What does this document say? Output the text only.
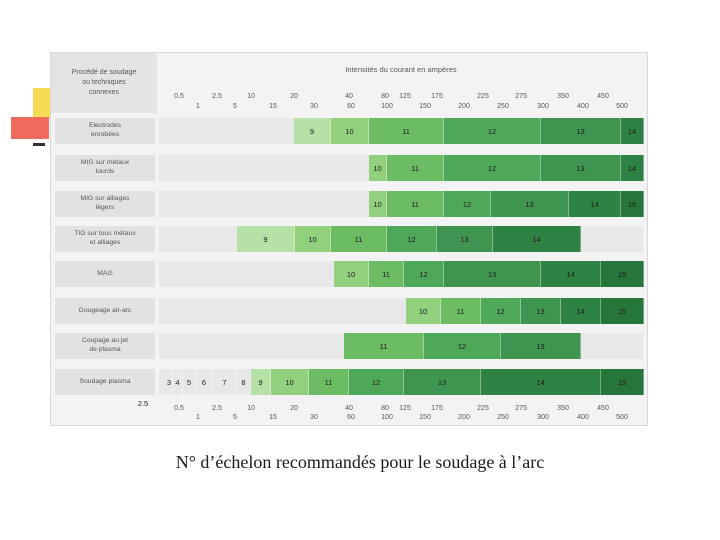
Procédé de soudage
ou techniques
connexes
Intensités du courant en ampères
0.5	2.5	10	20	40	80 125	175	225	275	350	450
1	5	15	30	60	100	150	200	250	300	400	500
Electrodes
enrobées	9	10	11	12	13	14
MIG sur métaux
lourds	10	11	12	13	14
MIG sur alliages
légers	10	11	12	13	14	15
TIG sur tous métaux
et alliages	9	10	11	12	13	14
MAG	10	11	12	13	14	15
Gougeage air-arc	10	11	12	13	14	15
Coupage au jet
de plasma	11	12	13
Soudage plasma	3 4 5	6	7	8	9	10	11	12	13	14	15
2.5
0.5	2.5	10	20	40	80 125	175	225	275	350	450
1	5	15	30	60	100	150	200	250	300	400	500
N° d’échelon recommandés pour le soudage à l’arc
